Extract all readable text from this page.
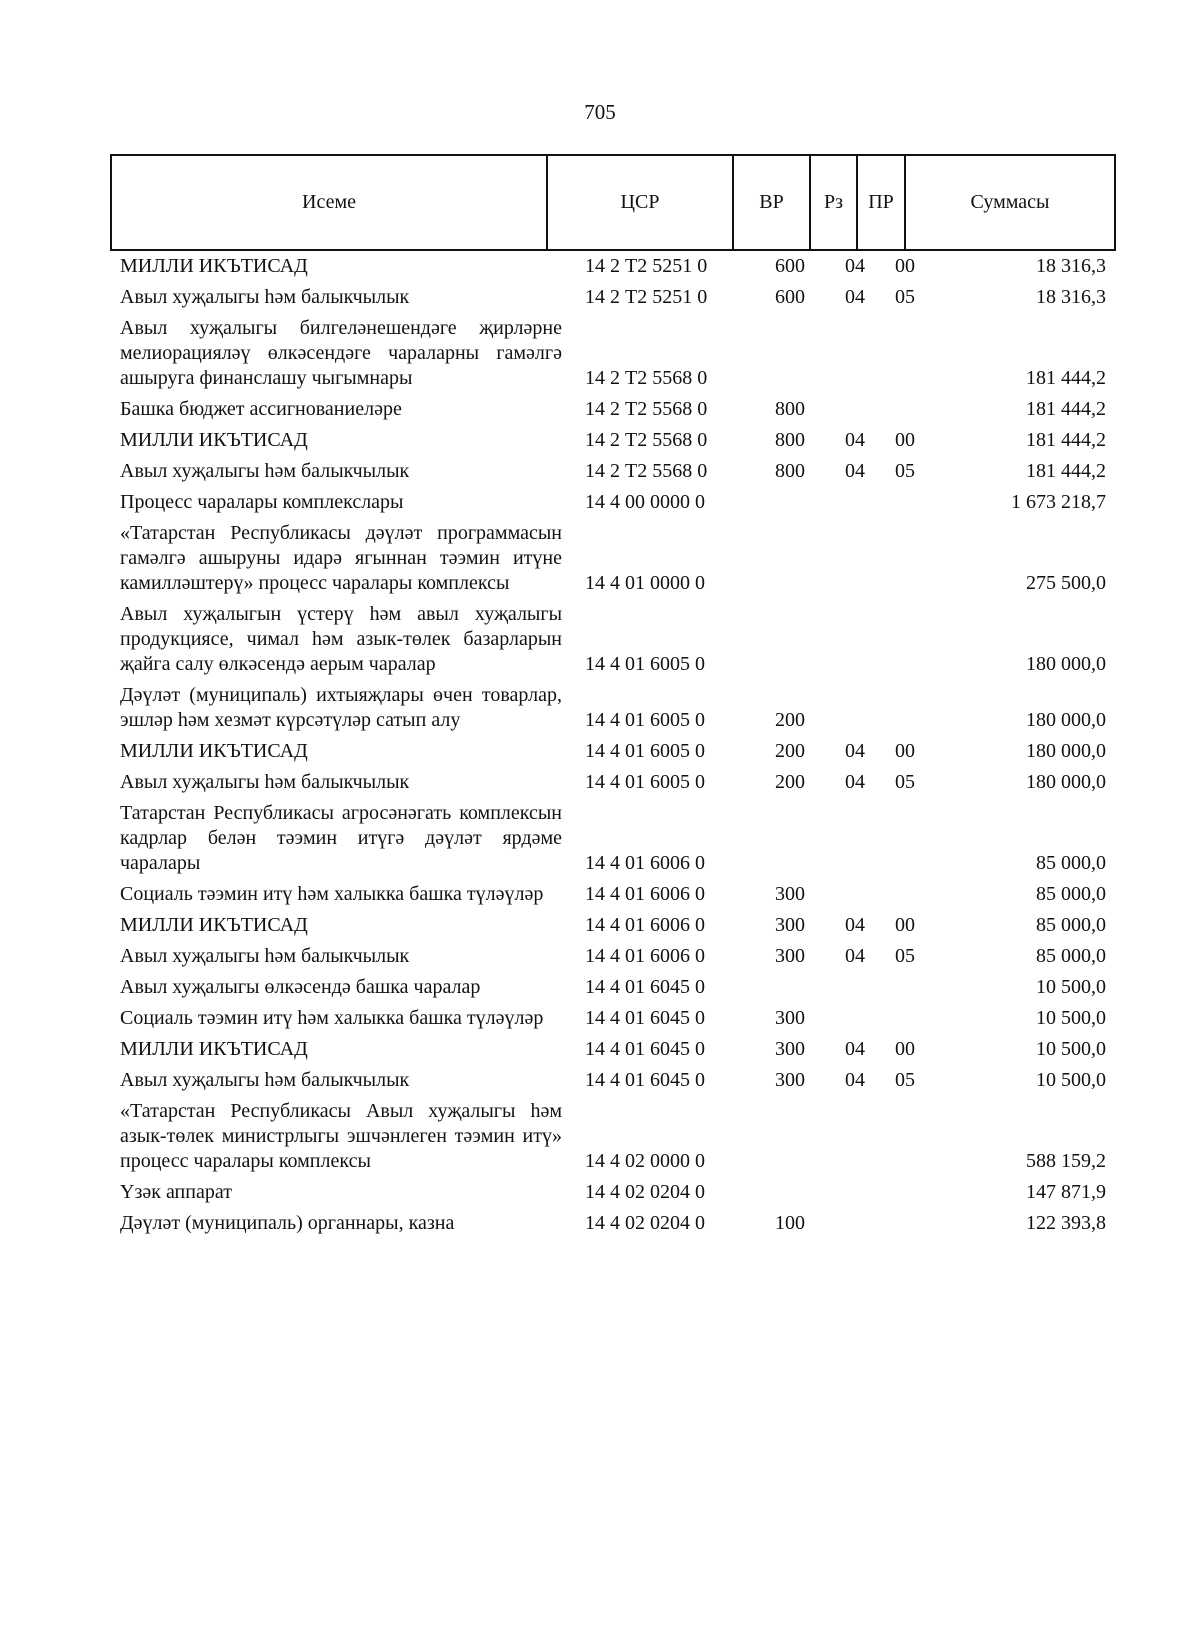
705
Исеме	ЦСР	ВР	Рз	ПР	Суммасы
МИЛЛИ ИКЪТИСАД	14 2 Т2 5251 0	600 04 00	18 316,3
Авыл хуҗалыгы һәм балыкчылык	14 2 Т2 5251 0	600 04 05	18 316,3
Авыл хуҗалыгы билгеләнешендәге җирләрне мелиорацияләү өлкәсендәге чараларны гамәлгә ашыруга финанслашу чыгымнары	14 2 Т2 5568 0	181 444,2
Башка бюджет ассигнованиеләре	14 2 Т2 5568 0	800	181 444,2
МИЛЛИ ИКЪТИСАД	14 2 Т2 5568 0	800 04 00	181 444,2
Авыл хуҗалыгы һәм балыкчылык	14 2 Т2 5568 0	800 04 05	181 444,2
Процесс чаралары комплекслары	14 4 00 0000 0	1 673 218,7
«Татарстан Республикасы дәүләт программасын гамәлгә ашыруны идарә ягыннан тәэмин итүне камилләштерү» процесс чаралары комплексы	14 4 01 0000 0	275 500,0
Авыл хуҗалыгын үстерү һәм авыл хуҗалыгы продукциясе, чимал һәм азык-төлек базарларын җайга салу өлкәсендә аерым чаралар	14 4 01 6005 0	180 000,0
Дәүләт (муниципаль) ихтыяҗлары өчен товарлар, эшләр һәм хезмәт күрсәтүләр сатып алу	14 4 01 6005 0	200	180 000,0
МИЛЛИ ИКЪТИСАД	14 4 01 6005 0	200 04 00	180 000,0
Авыл хуҗалыгы һәм балыкчылык	14 4 01 6005 0	200 04 05	180 000,0
Татарстан Республикасы агросәнәгать комплексын кадрлар белән тәэмин итүгә дәүләт ярдәме чаралары	14 4 01 6006 0	85 000,0
Социаль тәэмин итү һәм халыкка башка түләүләр	14 4 01 6006 0	300	85 000,0
МИЛЛИ ИКЪТИСАД	14 4 01 6006 0	300 04 00	85 000,0
Авыл хуҗалыгы һәм балыкчылык	14 4 01 6006 0	300 04 05	85 000,0
Авыл хуҗалыгы өлкәсендә башка чаралар	14 4 01 6045 0	10 500,0
Социаль тәэмин итү һәм халыкка башка түләүләр	14 4 01 6045 0	300	10 500,0
МИЛЛИ ИКЪТИСАД	14 4 01 6045 0	300 04 00	10 500,0
Авыл хуҗалыгы һәм балыкчылык	14 4 01 6045 0	300 04 05	10 500,0
«Татарстан Республикасы Авыл хуҗалыгы һәм азык-төлек министрлыгы эшчәнлеген тәэмин итү» процесс чаралары комплексы	14 4 02 0000 0	588 159,2
Үзәк аппарат	14 4 02 0204 0	147 871,9
Дәүләт (муниципаль) органнары, казна	14 4 02 0204 0	100	122 393,8
